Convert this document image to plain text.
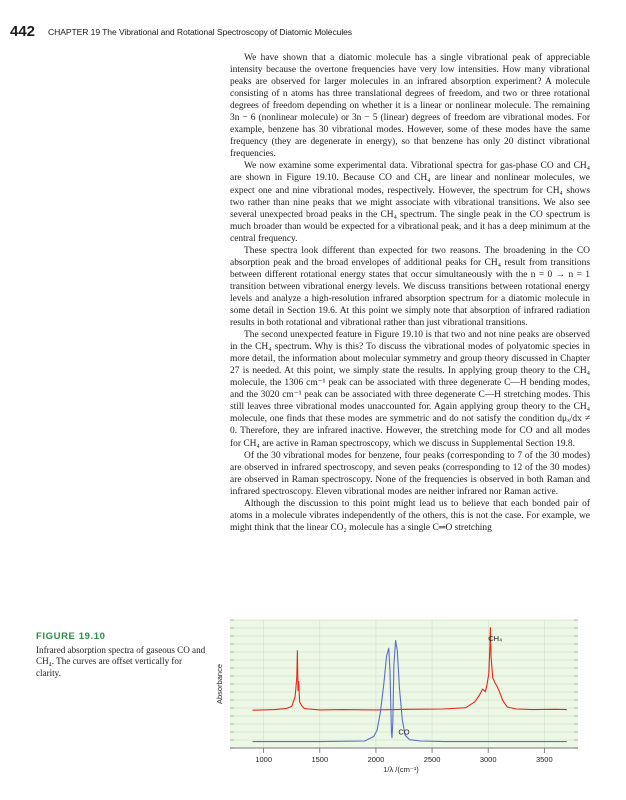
442 CHAPTER 19 The Vibrational and Rotational Spectroscopy of Diatomic Molecules

We have shown that a diatomic molecule has a single vibrational peak of appreciable intensity because the overtone frequencies have very low intensities. How many vibrational peaks are observed for larger molecules in an infrared absorption experiment? A molecule consisting of n atoms has three translational degrees of freedom, and two or three rotational degrees of freedom depending on whether it is a linear or nonlinear molecule. The remaining 3n − 6 (nonlinear molecule) or 3n − 5 (linear) degrees of freedom are vibrational modes. For example, benzene has 30 vibrational modes. However, some of these modes have the same frequency (they are degenerate in energy), so that benzene has only 20 distinct vibrational frequencies.

We now examine some experimental data. Vibrational spectra for gas-phase CO and CH₄ are shown in Figure 19.10. Because CO and CH₄ are linear and nonlinear molecules, we expect one and nine vibrational modes, respectively. However, the spectrum for CH₄ shows two rather than nine peaks that we might associate with vibrational transitions. We also see several unexpected broad peaks in the CH₄ spectrum. The single peak in the CO spectrum is much broader than would be expected for a vibrational peak, and it has a deep minimum at the central frequency.

These spectra look different than expected for two reasons. The broadening in the CO absorption peak and the broad envelopes of additional peaks for CH₄ result from transitions between different rotational energy states that occur simultaneously with the n = 0 → n = 1 transition between vibrational energy levels. We discuss transitions between rotational energy levels and analyze a high-resolution infrared absorption spectrum for a diatomic molecule in some detail in Section 19.6. At this point we simply note that absorption of infrared radiation results in both rotational and vibrational rather than just vibrational transitions.

The second unexpected feature in Figure 19.10 is that two and not nine peaks are observed in the CH₄ spectrum. Why is this? To discuss the vibrational modes of polyatomic species in more detail, the information about molecular symmetry and group theory discussed in Chapter 27 is needed. At this point, we simply state the results. In applying group theory to the CH₄ molecule, the 1306 cm⁻¹ peak can be associated with three degenerate C—H bending modes, and the 3020 cm⁻¹ peak can be associated with three degenerate C—H stretching modes. This still leaves three vibrational modes unaccounted for. Again applying group theory to the CH₄ molecule, one finds that these modes are symmetric and do not satisfy the condition dμₓ/dx ≠ 0. Therefore, they are infrared inactive. However, the stretching mode for CO and all modes for CH₄ are active in Raman spectroscopy, which we discuss in Supplemental Section 19.8.

Of the 30 vibrational modes for benzene, four peaks (corresponding to 7 of the 30 modes) are observed in infrared spectroscopy, and seven peaks (corresponding to 12 of the 30 modes) are observed in Raman spectroscopy. None of the frequencies is observed in both Raman and infrared spectroscopy. Eleven vibrational modes are neither infrared nor Raman active.

Although the discussion to this point might lead us to believe that each bonded pair of atoms in a molecule vibrates independently of the others, this is not the case. For example, we might think that the linear CO₂ molecule has a single C═O stretching

FIGURE 19.10
Infrared absorption spectra of gaseous CO and CH₄. The curves are offset vertically for clarity.
1000	1500	2000	2500	3000	3500
CH₄
CO
1/λ /(cm⁻¹)
Absorbance
